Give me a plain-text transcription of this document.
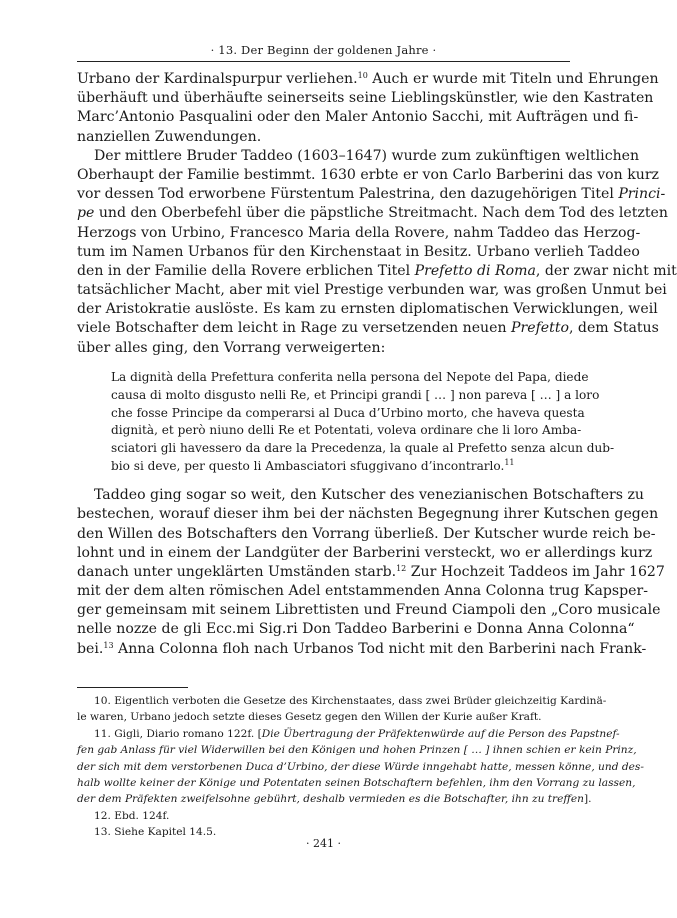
· 13. Der Beginn der goldenen Jahre ·
Urbano der Kardinalspurpur verliehen.$^{10}$ Auch er wurde mit Titeln und Ehrungen
überhäuft und überhäufte seinerseits seine Lieblingskünstler, wie den Kastraten
Marc’Antonio Pasqualini oder den Maler Antonio Sacchi, mit Aufträgen und fi-
nanziellen Zuwendungen.
Der mittlere Bruder Taddeo (1603–1647) wurde zum zukünftigen weltlichen
Oberhaupt der Familie bestimmt. 1630 erbte er von Carlo Barberini das von kurz
vor dessen Tod erworbene Fürstentum Palestrina, den dazugehörigen Titel Princi-
pe und den Oberbefehl über die päpstliche Streitmacht. Nach dem Tod des letzten
Herzogs von Urbino, Francesco Maria della Rovere, nahm Taddeo das Herzog-
tum im Namen Urbanos für den Kirchenstaat in Besitz. Urbano verlieh Taddeo
den in der Familie della Rovere erblichen Titel Prefetto di Roma, der zwar nicht mit
tatsächlicher Macht, aber mit viel Prestige verbunden war, was großen Unmut bei
der Aristokratie auslöste. Es kam zu ernsten diplomatischen Verwicklungen, weil
viele Botschafter dem leicht in Rage zu versetzenden neuen Prefetto, dem Status
über alles ging, den Vorrang verweigerten:
La dignità della Prefettura conferita nella persona del Nepote del Papa, diede
causa di molto disgusto nelli Re, et Principi grandi [ … ] non pareva [ … ] a loro
che fosse Principe da comperarsi al Duca d’Urbino morto, che haveva questa
dignità, et però niuno delli Re et Potentati, voleva ordinare che li loro Amba-
sciatori gli havessero da dare la Precedenza, la quale al Prefetto senza alcun dub-
bio si deve, per questo li Ambasciatori sfuggivano d’incontrarlo.$^{11}$
Taddeo ging sogar so weit, den Kutscher des venezianischen Botschafters zu
bestechen, worauf dieser ihm bei der nächsten Begegnung ihrer Kutschen gegen
den Willen des Botschafters den Vorrang überließ. Der Kutscher wurde reich be-
lohnt und in einem der Landgüter der Barberini versteckt, wo er allerdings kurz
danach unter ungeklärten Umständen starb.$^{12}$ Zur Hochzeit Taddeos im Jahr 1627
mit der dem alten römischen Adel entstammenden Anna Colonna trug Kapsper-
ger gemeinsam mit seinem Librettisten und Freund Ciampoli den „Coro musicale
nelle nozze de gli Ecc.mi Sig.ri Don Taddeo Barberini e Donna Anna Colonna“
bei.$^{13}$ Anna Colonna floh nach Urbanos Tod nicht mit den Barberini nach Frank-
10. Eigentlich verboten die Gesetze des Kirchenstaates, dass zwei Brüder gleichzeitig Kardinä-
le waren, Urbano jedoch setzte dieses Gesetz gegen den Willen der Kurie außer Kraft.
11. Gigli, Diario romano 122f. [Die Übertragung der Präfektenwürde auf die Person des Papstnef-
fen gab Anlass für viel Widerwillen bei den Königen und hohen Prinzen [ … ] ihnen schien er kein Prinz,
der sich mit dem verstorbenen Duca d’Urbino, der diese Würde inngehabt hatte, messen könne, und des-
halb wollte keiner der Könige und Potentaten seinen Botschaftern befehlen, ihm den Vorrang zu lassen,
der dem Präfekten zweifelsohne gebührt, deshalb vermieden es die Botschafter, ihn zu treffen].
12. Ebd. 124f.
13. Siehe Kapitel 14.5.
· 241 ·
